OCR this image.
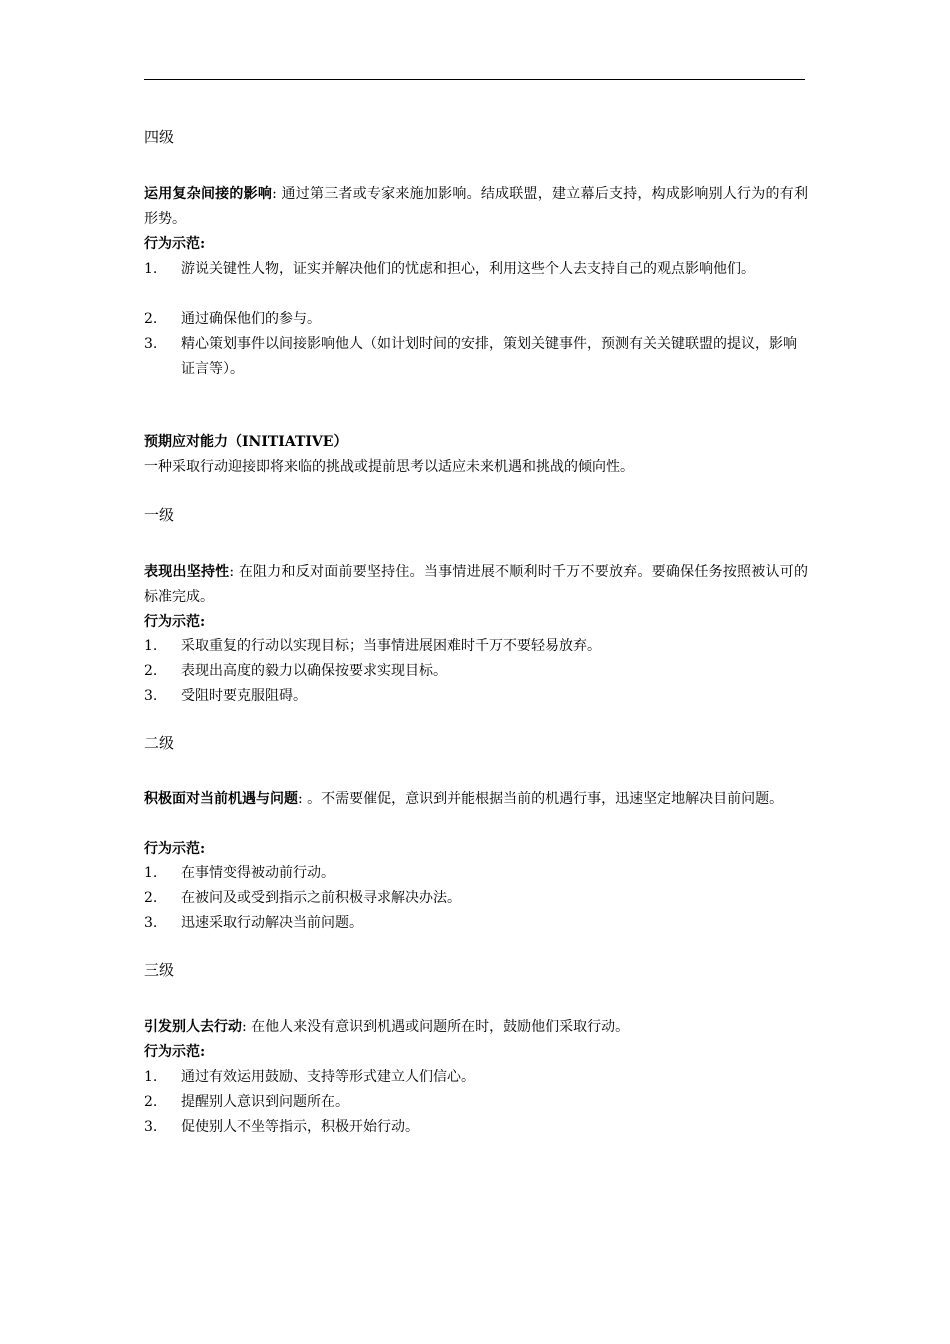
四级
运用复杂间接的影响: 通过第三者或专家来施加影响。结成联盟，建立幕后支持，构成影响别人行为的有利形势。
行为示范:
1.	游说关键性人物，证实并解决他们的忧虑和担心，利用这些个人去支持自己的观点影响他们。
2.	通过确保他们的参与。
3.	精心策划事件以间接影响他人（如计划时间的安排，策划关键事件，预测有关关键联盟的提议，影响证言等）。
预期应对能力（INITIATIVE）
一种采取行动迎接即将来临的挑战或提前思考以适应未来机遇和挑战的倾向性。
一级
表现出坚持性: 在阻力和反对面前要坚持住。当事情进展不顺利时千万不要放弃。要确保任务按照被认可的标准完成。
行为示范:
1.	采取重复的行动以实现目标；当事情进展困难时千万不要轻易放弃。
2.	表现出高度的毅力以确保按要求实现目标。
3.	受阻时要克服阻碍。
二级
积极面对当前机遇与问题: 。不需要催促，意识到并能根据当前的机遇行事，迅速坚定地解决目前问题。
行为示范:
1.	在事情变得被动前行动。
2.	在被问及或受到指示之前积极寻求解决办法。
3.	迅速采取行动解决当前问题。
三级
引发别人去行动: 在他人来没有意识到机遇或问题所在时，鼓励他们采取行动。
行为示范:
1.	通过有效运用鼓励、支持等形式建立人们信心。
2.	提醒别人意识到问题所在。
3.	促使别人不坐等指示，积极开始行动。
